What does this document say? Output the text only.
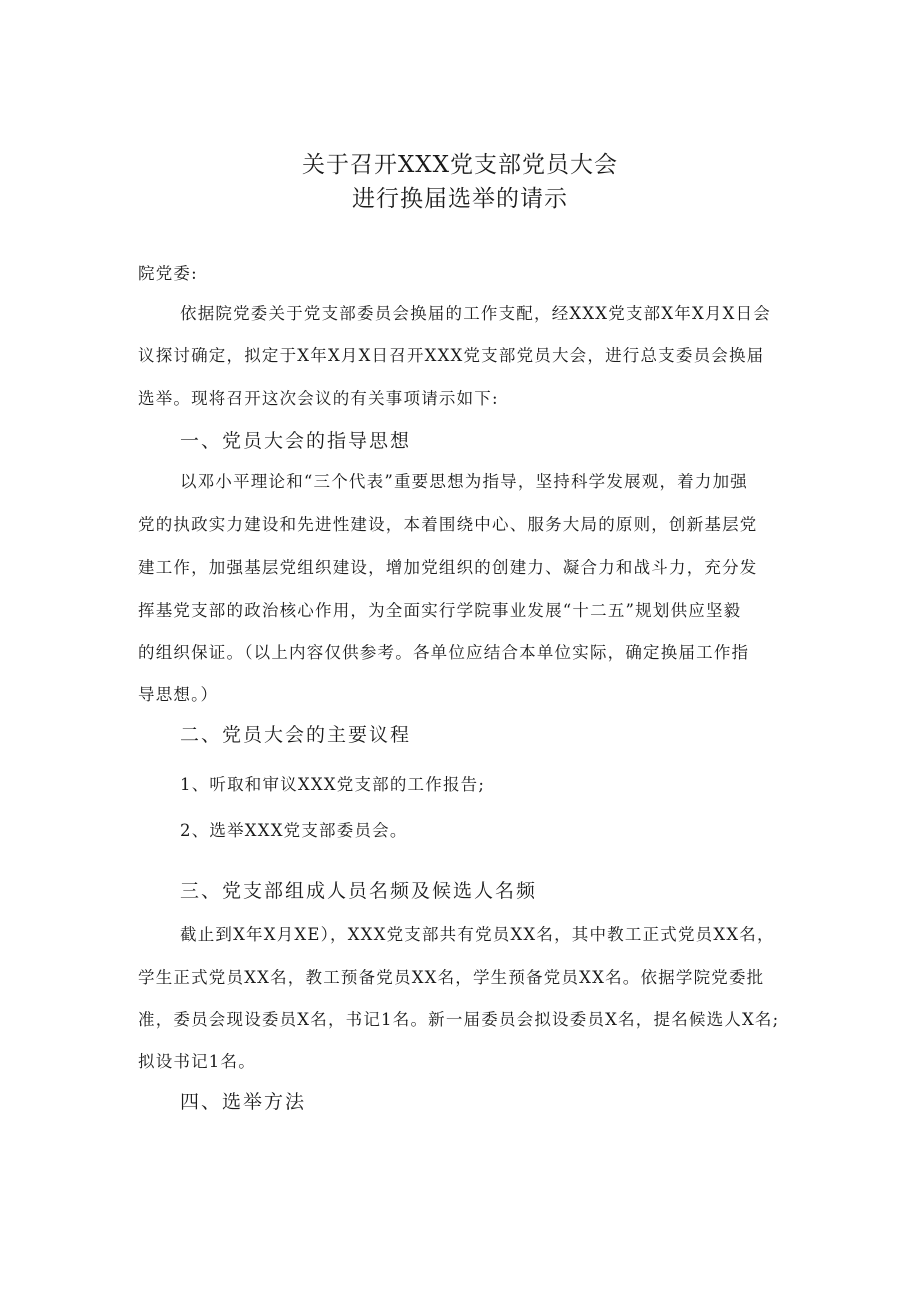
关于召开XXX党支部党员大会
进行换届选举的请示
院党委:
依据院党委关于党支部委员会换届的工作支配，经XXX党支部X年X月X日会
议探讨确定，拟定于X年X月X日召开XXX党支部党员大会，进行总支委员会换届
选举。现将召开这次会议的有关事项请示如下:
一、党员大会的指导思想
以邓小平理论和“三个代表”重要思想为指导，坚持科学发展观，着力加强
党的执政实力建设和先进性建设，本着围绕中心、服务大局的原则，创新基层党
建工作，加强基层党组织建设，增加党组织的创建力、凝合力和战斗力，充分发
挥基党支部的政治核心作用，为全面实行学院事业发展“十二五”规划供应坚毅
的组织保证。（以上内容仅供参考。各单位应结合本单位实际，确定换届工作指
导思想。）
二、党员大会的主要议程
1、听取和审议XXX党支部的工作报告;
2、选举XXX党支部委员会。
三、党支部组成人员名频及候选人名频
截止到X年X月XE），XXX党支部共有党员XX名，其中教工正式党员XX名，
学生正式党员XX名，教工预备党员XX名，学生预备党员XX名。依据学院党委批
准，委员会现设委员X名，书记1名。新一届委员会拟设委员X名，提名候选人X名;
拟设书记1名。
四、选举方法
